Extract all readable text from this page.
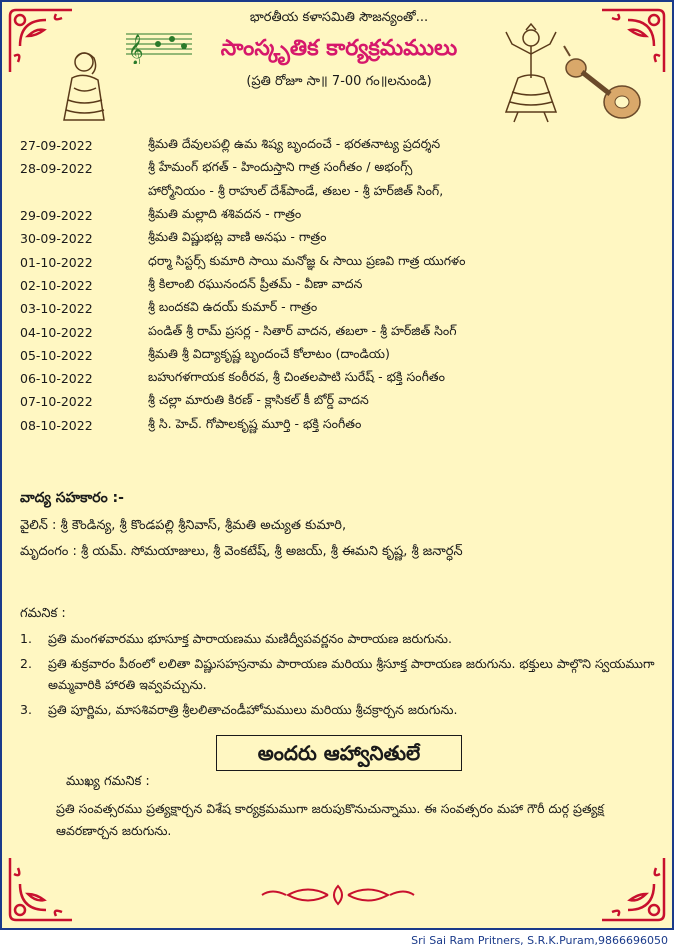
𝄞
భారతీయ కళాసమితి సౌజన్యంతో...
సాంస్కృతిక కార్యక్రమములు
(ప్రతి రోజూ సా॥ 7-00 గం॥లనుండి)
27-09-2022	శ్రీమతి దేవులపల్లి ఉమ శిష్య బృందంచే - భరతనాట్య ప్రదర్శన
28-09-2022	శ్రీ హేమంగ్ భగత్ - హిందుస్తాని గాత్ర సంగీతం / అభంగ్స్
హార్మోనియం - శ్రీ రాహుల్ దేశ్‌పాండే, తబల - శ్రీ హర్‌జిత్ సింగ్,
29-09-2022	శ్రీమతి మల్లాది శశివదన - గాత్రం
30-09-2022	శ్రీమతి విష్ణుభట్ల వాణి అనఘ - గాత్రం
01-10-2022	ధర్మా సిస్టర్స్ కుమారి సాయి మనోజ్ఞ & సాయి ప్రణవి గాత్ర యుగళం
02-10-2022	శ్రీ కిలాంబి రఘునందన్ ప్రీతమ్ - వీణా వాదన
03-10-2022	శ్రీ బందకవి ఉదయ్ కుమార్ - గాత్రం
04-10-2022	పండిత్ శ్రీ రామ్ ప్రసర్ల - సితార్ వాదన, తబలా - శ్రీ హర్‌జిత్ సింగ్
05-10-2022	శ్రీమతి శ్రీ విద్యాకృష్ణ బృందంచే కోలాటం (దాండియ)
06-10-2022	బహుగళగాయక కంఠీరవ, శ్రీ చింతలపాటి సురేష్ - భక్తి సంగీతం
07-10-2022	శ్రీ చల్లా మారుతి కిరణ్ - క్లాసికల్ కీ బోర్డ్ వాదన
08-10-2022	శ్రీ సి. హెచ్. గోపాలకృష్ణ మూర్తి - భక్తి సంగీతం
వాద్య సహకారం :-
వైలిన్ : శ్రీ కౌండిన్య, శ్రీ కొండపల్లి శ్రీనివాస్, శ్రీమతి అచ్యుత కుమారి,
మృదంగం : శ్రీ యమ్. సోమయాజులు, శ్రీ వెంకటేష్, శ్రీ అజయ్, శ్రీ ఈమని కృష్ణ, శ్రీ జనార్ధన్
గమనిక :
1.	ప్రతి మంగళవారము భూసూక్త పారాయణము మణిద్వీపవర్ణనం పారాయణ జరుగును.
2.	ప్రతి శుక్రవారం పీఠంలో లలితా విష్ణుసహస్రనామ పారాయణ మరియు శ్రీసూక్త పారాయణ జరుగును. భక్తులు పాల్గొని స్వయముగా అమ్మవారికి హారతి ఇవ్వవచ్చును.
3.	ప్రతి పూర్ణిమ, మాసశివరాత్రి శ్రీలలితాచండీహోమములు మరియు శ్రీచక్రార్చన జరుగును.
అందరు ఆహ్వానితులే
ముఖ్య గమనిక :
ప్రతి సంవత్సరము ప్రత్యక్షార్చన విశేష కార్యక్రమముగా జరుపుకొనుచున్నాము. ఈ సంవత్సరం మహా గౌరీ దుర్గ ప్రత్యక్ష ఆవరణార్చన జరుగును.
Sri Sai Ram Pritners, S.R.K.Puram,9866696050
